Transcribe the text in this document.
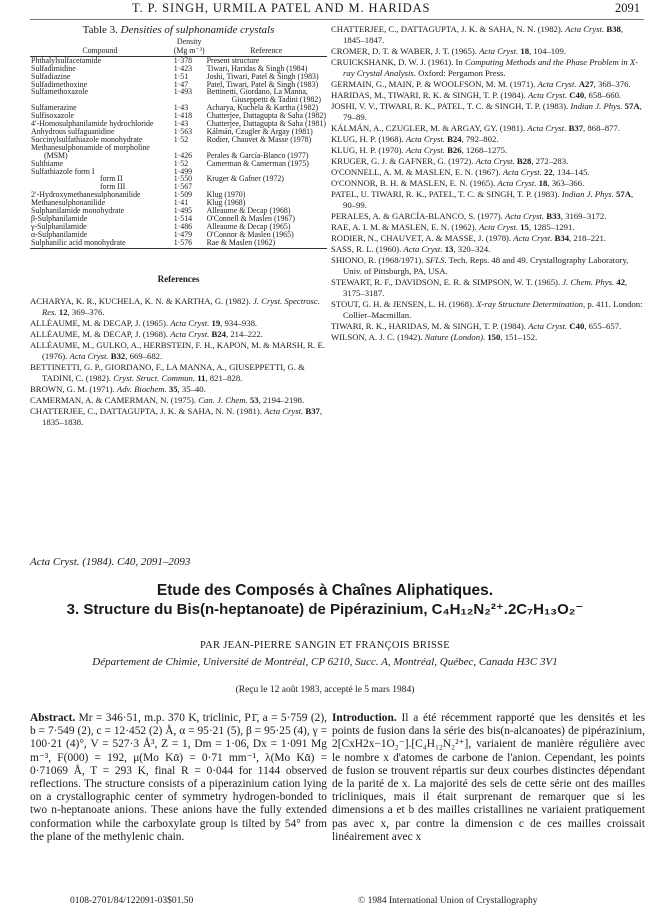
T. P. SINGH, URMILA PATEL AND M. HARIDAS	2091
Table 3. Densities of sulphonamide crystals
	Density	
Compound	(Mg m⁻³)	Reference
Phthalylsulfacetamide	1·378	Present structure
Sulfadimidine	1·423	Tiwari, Haridas & Singh (1984)
Sulfadiazine	1·51	Joshi, Tiwari, Patel & Singh (1983)
Sulfadimethoxine	1·47	Patel, Tiwari, Patel & Singh (1983)
Sulfamethoxazole	1·493	Bettinetti, Giordano, La Manna,
		Giuseppetti & Tadini (1982)
Sulfamerazine	1·43	Acharya, Kuchela & Kartha (1982)
Sulfisoxazole	1·418	Chatterjee, Dattagupta & Saha (1982)
4′-Homosulphanilamide hydrochloride	1·43	Chatterjee, Dattagupta & Saha (1981)
Anhydrous sulfaguanidine	1·563	Kálmán, Czugler & Argay (1981)
Succinylsulfathiazole monohydrate	1·52	Rodier, Chauvet & Masse (1978)
Methanesulphonamide of morpholine		
(MSM)	1·426	Perales & García-Blanco (1977)
Sulthiame	1·52	Camerman & Camerman (1975)
Sulfathiazole form I	1·499	
form II	1·550	Kruger & Gafner (1972)
form III	1·567	
2′-Hydroxymethanesulphonanilide	1·509	Klug (1970)
Methanesulphonanilide	1·41	Klug (1968)
Sulphanilamide monohydrate	1·495	Alleaume & Decap (1968)
β-Sulphanilamide	1·514	O'Connell & Maslen (1967)
γ-Sulphanilamide	1·486	Alleaume & Decap (1965)
α-Sulphanilamide	1·479	O'Connor & Maslen (1965)
Sulphanilic acid monohydrate	1·576	Rae & Maslen (1962)
References

ACHARYA, K. R., KUCHELA, K. N. & KARTHA, G. (1982). J. Cryst. Spectrosc. Res. 12, 369–376.

ALLÉAUME, M. & DECAP, J. (1965). Acta Cryst. 19, 934–938.

ALLÉAUME, M. & DECAP, J. (1968). Acta Cryst. B24, 214–222.

ALLÉAUME, M., GULKO, A., HERBSTEIN, F. H., KAPON, M. & MARSH, R. E. (1976). Acta Cryst. B32, 669–682.

BETTINETTI, G. P., GIORDANO, F., LA MANNA, A., GIUSEPPETTI, G. & TADINI, C. (1982). Cryst. Struct. Commun. 11, 821–828.

BROWN, G. M. (1971). Adv. Biochem. 35, 35–40.

CAMERMAN, A. & CAMERMAN, N. (1975). Can. J. Chem. 53, 2194–2198.

CHATTERJEE, C., DATTAGUPTA, J. K. & SAHA, N. N. (1981). Acta Cryst. B37, 1835–1838.

CHATTERJEE, C., DATTAGUPTA, J. K. & SAHA, N. N. (1982). Acta Cryst. B38, 1845–1847.

CROMER, D. T. & WABER, J. T. (1965). Acta Cryst. 18, 104–109.

CRUICKSHANK, D. W. J. (1961). In Computing Methods and the Phase Problem in X-ray Crystal Analysis. Oxford: Pergamon Press.

GERMAIN, G., MAIN, P. & WOOLFSON, M. M. (1971). Acta Cryst. A27, 368–376.

HARIDAS, M., TIWARI, R. K. & SINGH, T. P. (1984). Acta Cryst. C40, 658–660.

JOSHI, V. V., TIWARI, R. K., PATEL, T. C. & SINGH, T. P. (1983). Indian J. Phys. 57A, 79–89.

KÁLMÁN, A., CZUGLER, M. & ARGAY, GY. (1981). Acta Cryst. B37, 868–877.

KLUG, H. P. (1968). Acta Cryst. B24, 792–802.

KLUG, H. P. (1970). Acta Cryst. B26, 1268–1275.

KRUGER, G. J. & GAFNER, G. (1972). Acta Cryst. B28, 272–283.

O'CONNELL, A. M. & MASLEN, E. N. (1967). Acta Cryst. 22, 134–145.

O'CONNOR, B. H. & MASLEN, E. N. (1965). Acta Cryst. 18, 363–366.

PATEL, U. TIWARI, R. K., PATEL, T. C. & SINGH, T. P. (1983). Indian J. Phys. 57A, 90–99.

PERALES, A. & GARCÍA-BLANCO, S. (1977). Acta Cryst. B33, 3169–3172.

RAE, A. I. M. & MASLEN, E. N. (1962). Acta Cryst. 15, 1285–1291.

RODIER, N., CHAUVET, A. & MASSE, J. (1978). Acta Cryst. B34, 218–221.

SASS, R. L. (1960). Acta Cryst. 13, 320–324.

SHIONO, R. (1968/1971). SFLS. Tech. Reps. 48 and 49. Crystallography Laboratory, Univ. of Pittsburgh, PA, USA.

STEWART, R. F., DAVIDSON, E. R. & SIMPSON, W. T. (1965). J. Chem. Phys. 42, 3175–3187.

STOUT, G. H. & JENSEN, L. H. (1968). X-ray Structure Determination, p. 411. London: Collier–Macmillan.

TIWARI, R. K., HARIDAS, M. & SINGH, T. P. (1984). Acta Cryst. C40, 655–657.

WILSON, A. J. C. (1942). Nature (London). 150, 151–152.

Acta Cryst. (1984). C40, 2091–2093
Etude des Composés à Chaînes Aliphatiques.
3. Structure du Bis(n-heptanoate) de Pipérazinium, C₄H₁₂N₂²⁺.2C₇H₁₃O₂⁻
PAR JEAN-PIERRE SANGIN ET FRANÇOIS BRISSE
Département de Chimie, Université de Montréal, CP 6210, Succ. A, Montréal, Québec, Canada H3C 3V1
(Reçu le 12 août 1983, accepté le 5 mars 1984)
Abstract. Mr = 346·51, m.p. 370 K, triclinic, P1̄, a = 5·759 (2), b = 7·549 (2), c = 12·452 (2) Å, α = 95·21 (5), β = 95·25 (4), γ = 100·21 (4)°, V = 527·3 Å³, Z = 1, Dm = 1·06, Dx = 1·091 Mg m⁻³, F(000) = 192, μ(Mo Kᾱ) = 0·71 mm⁻¹, λ(Mo Kᾱ) = 0·71069 Å, T = 293 K, final R = 0·044 for 1144 observed reflections. The structure consists of a piperazinium cation lying on a crystallographic center of symmetry hydrogen-bonded to two n-heptanoate anions. These anions have the fully extended conformation while the carboxylate group is tilted by 54° from the plane of the methylenic chain.
Introduction. Il a été récemment rapporté que les densités et les points de fusion dans la série des bis(n-alcanoates) de pipérazinium, 2[CxH2x−1O₂⁻].[C₄H₁₂N₂²⁺], variaient de manière régulière avec le nombre x d'atomes de carbone de l'anion. Cependant, les points de fusion se trouvent répartis sur deux courbes distinctes dépendant de la parité de x. La majorité des sels de cette série ont des mailles tricliniques, mais il était surprenant de remarquer que si les dimensions a et b des mailles cristallines ne variaient pratiquement pas avec x, par contre la dimension c de ces mailles croissait linéairement avec x
0108-2701/84/122091-03$01.50	© 1984 International Union of Crystallography
